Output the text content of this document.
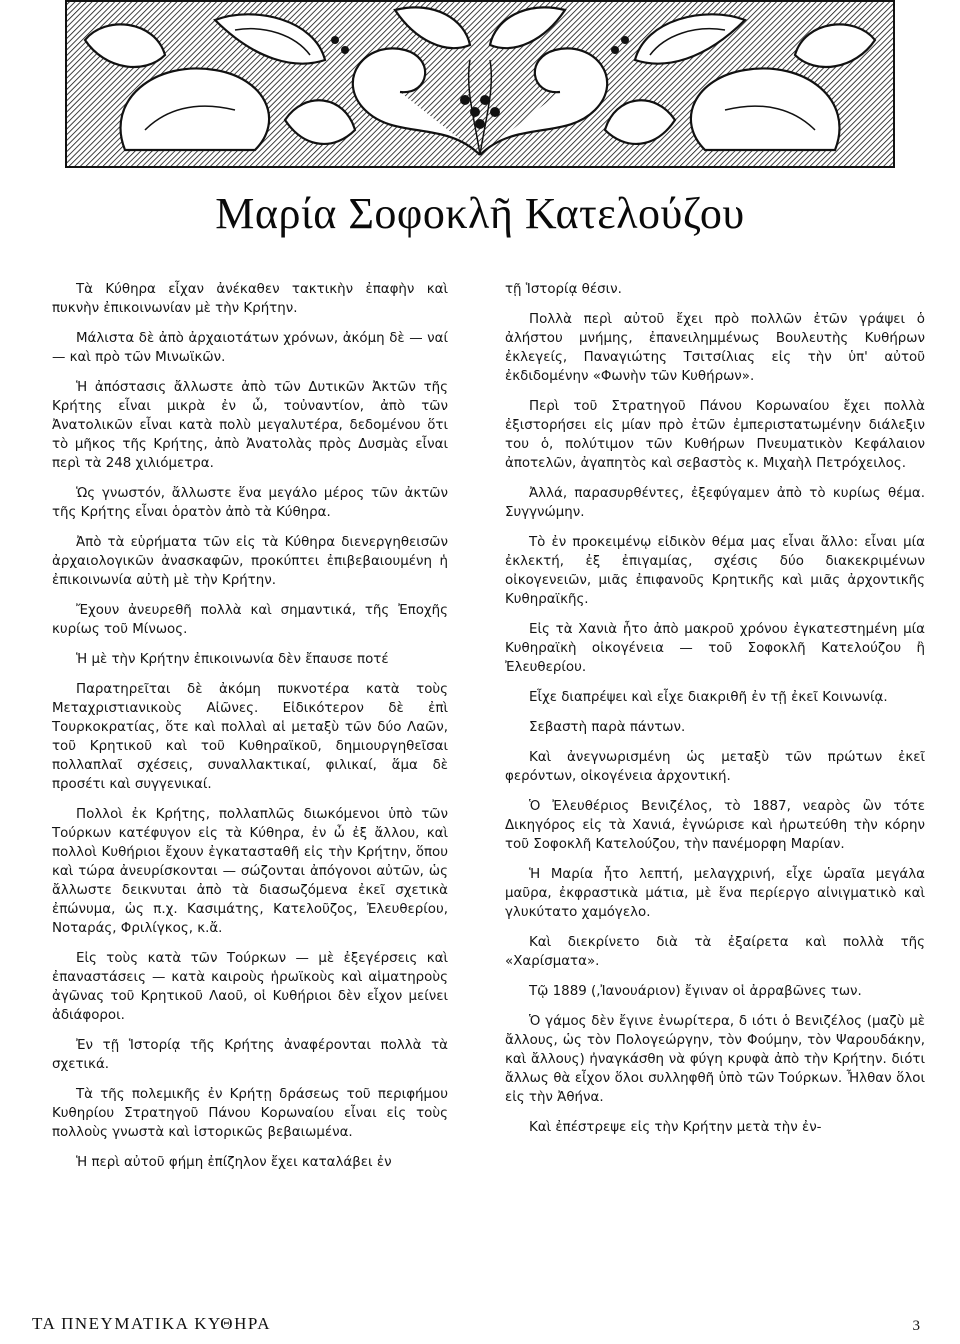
Μαρία Σοφοκλῆ Κατελούζου

Τὰ Κύθηρα εἶχαν ἀνέκαθεν τακτικὴν ἐπαφὴν καὶ πυκνὴν ἐπικοινωνίαν μὲ τὴν Κρήτην.

Μάλιστα δὲ ἀπὸ ἀρχαιοτάτων χρόνων, ἀκόμη δὲ — ναί — καὶ πρὸ τῶν Μινωϊκῶν.

Ἡ ἀπόστασις ἄλλωστε ἀπὸ τῶν Δυτικῶν Ἀκτῶν τῆς Κρήτης εἶναι μικρὰ ἐν ὦ, τοὐναντίον, ἀπὸ τῶν Ἀνατολικῶν εἶναι κατὰ πολὺ μεγαλυτέρα, δεδομένου ὅτι τὸ μῆκος τῆς Κρήτης, ἀπὸ Ἀνατολὰς πρὸς Δυσμὰς εἶναι περὶ τὰ 248 χιλιόμετρα.

Ὡς γνωστόν, ἄλλωστε ἕνα μεγάλο μέρος τῶν ἀκτῶν τῆς Κρήτης εἶναι ὁρατὸν ἀπὸ τὰ Κύθηρα.

Ἀπὸ τὰ εὑρήματα τῶν εἰς τὰ Κύθηρα διενεργηθεισῶν ἀρχαιολογικῶν ἀνασκαφῶν, προκύπτει ἐπιβεβαιουμένη ἡ ἐπικοινωνία αὐτὴ μὲ τὴν Κρήτην.

Ἔχουν ἀνευρεθῆ πολλὰ καὶ σημαντικά, τῆς Ἐποχῆς κυρίως τοῦ Μίνωος.

Ἡ μὲ τὴν Κρήτην ἐπικοινωνία δὲν ἔπαυσε ποτέ

Παρατηρεῖται δὲ ἀκόμη πυκνοτέρα κατὰ τοὺς Μεταχριστιανικοὺς Αἰῶνες. Εἰδικότερον δὲ ἐπὶ Τουρκοκρατίας, ὅτε καὶ πολλαὶ αἱ μεταξὺ τῶν δύο Λαῶν, τοῦ Κρητικοῦ καὶ τοῦ Κυθηραϊκοῦ, δημιουργηθεῖσαι πολλαπλαῖ σχέσεις, συναλλακτικαί, φιλικαί, ἅμα δὲ προσέτι καὶ συγγενικαί.

Πολλοὶ ἐκ Κρήτης, πολλαπλῶς διωκόμενοι ὑπὸ τῶν Τούρκων κατέφυγον εἰς τὰ Κύθηρα, ἐν ὦ ἐξ ἄλλου, καὶ πολλοὶ Κυθήριοι ἔχουν ἐγκατασταθῆ εἰς τὴν Κρήτην, ὅπου καὶ τώρα ἀνευρίσκονται — σώζονται ἀπόγονοι αὐτῶν, ὡς ἄλλωστε δεικνυται ἀπὸ τὰ διασωζόμενα ἐκεῖ σχετικὰ ἐπώνυμα, ὡς π.χ. Κασιμάτης, Κατελοῦζος, Ἐλευθερίου, Νοταράς, Φριλίγκος, κ.ἄ.

Εἰς τοὺς κατὰ τῶν Τούρκων — μὲ ἐξεγέρσεις καὶ ἐπαναστάσεις — κατὰ καιροὺς ἡρωϊκοὺς καὶ αἱματηροὺς ἀγῶνας τοῦ Κρητικοῦ Λαοῦ, οἱ Κυθήριοι δὲν εἶχον μείνει ἀδιάφοροι.

Ἐν τῇ Ἱστορίᾳ τῆς Κρήτης ἀναφέρονται πολλὰ τὰ σχετικά.

Τὰ τῆς πολεμικῆς ἐν Κρήτῃ δράσεως τοῦ περιφήμου Κυθηρίου Στρατηγοῦ Πάνου Κορωναίου εἶναι εἰς τοὺς πολλοὺς γνωστὰ καὶ ἱστορικῶς βεβαιωμένα.

Ἡ περὶ αὐτοῦ φήμη ἐπίζηλον ἔχει καταλάβει ἐν

τῇ Ἱστορίᾳ θέσιν.

Πολλὰ περὶ αὐτοῦ ἔχει πρὸ πολλῶν ἐτῶν γράψει ὁ ἀλήστου μνήμης, ἐπανειλημμένως Βουλευτὴς Κυθήρων ἐκλεγείς, Παναγιώτης Τσιτσίλιας εἰς τὴν ὑπ' αὐτοῦ ἐκδιδομένην «Φωνὴν τῶν Κυθήρων».

Περὶ τοῦ Στρατηγοῦ Πάνου Κορωναίου ἔχει πολλὰ ἐξιστορήσει εἰς μίαν πρὸ ἐτῶν ἐμπεριστατωμένην διάλεξιν του ὁ, πολύτιμον τῶν Κυθήρων Πνευματικὸν Κεφάλαιον ἀποτελῶν, ἀγαπητὸς καὶ σεβαστὸς κ. Μιχαὴλ Πετρόχειλος.

Ἀλλά, παρασυρθέντες, ἐξεφύγαμεν ἀπὸ τὸ κυρίως θέμα. Συγγνώμην.

Τὸ ἐν προκειμένῳ εἰδικὸν θέμα μας εἶναι ἄλλο: εἶναι μία ἐκλεκτή, ἐξ ἐπιγαμίας, σχέσις δύο διακεκριμένων οἰκογενειῶν, μιᾶς ἐπιφανοῦς Κρητικῆς καὶ μιᾶς ἀρχοντικῆς Κυθηραϊκῆς.

Εἰς τὰ Χανιὰ ἦτο ἀπὸ μακροῦ χρόνου ἐγκατεστημένη μία Κυθηραϊκὴ οἰκογένεια — τοῦ Σοφοκλῆ Κατελούζου ἢ Ἐλευθερίου.

Εἶχε διαπρέψει καὶ εἶχε διακριθῆ ἐν τῇ ἐκεῖ Κοινωνίᾳ.

Σεβαστὴ παρὰ πάντων.

Καὶ ἀνεγνωρισμένη ὡς μεταξὺ τῶν πρώτων ἐκεῖ φερόντων, οἰκογένεια ἀρχοντική.

Ὁ Ἐλευθέριος Βενιζέλος, τὸ 1887, νεαρὸς ὢν τότε Δικηγόρος εἰς τὰ Χανιά, ἐγνώρισε καὶ ἠρωτεύθη τὴν κόρην τοῦ Σοφοκλῆ Κατελούζου, τὴν πανέμορφη Μαρίαν.

Ἡ Μαρία ἦτο λεπτή, μελαγχρινή, εἶχε ὡραῖα μεγάλα μαῦρα, ἐκφραστικὰ μάτια, μὲ ἕνα περίεργο αἰνιγματικὸ καὶ γλυκύτατο χαμόγελο.

Καὶ διεκρίνετο διὰ τὰ ἐξαίρετα καὶ πολλὰ τῆς «Χαρίσματα».

Τῷ 1889 (,Ἰανουάριον) ἔγιναν οἱ ἀρραβῶνες των.

Ὁ γάμος δὲν ἔγινε ἐνωρίτερα, δ ιότι ὁ Βενιζέλος (μαζὺ μὲ ἄλλους, ὡς τὸν Πολογεώργην, τὸν Φούμην, τὸν Ψαρουδάκην, καὶ ἄλλους) ἠναγκάσθη νὰ φύγη κρυφὰ ἀπὸ τὴν Κρήτην. διότι ἄλλως θὰ εἶχον ὅλοι συλληφθῆ ὑπὸ τῶν Τούρκων. Ἦλθαν ὅλοι εἰς τὴν Ἀθήνα.

Καὶ ἐπέστρεψε εἰς τὴν Κρήτην μετὰ τὴν ἐν-

ΤΑ ΠΝΕΥΜΑΤΙΚΑ ΚΥΘΗΡΑ	3
